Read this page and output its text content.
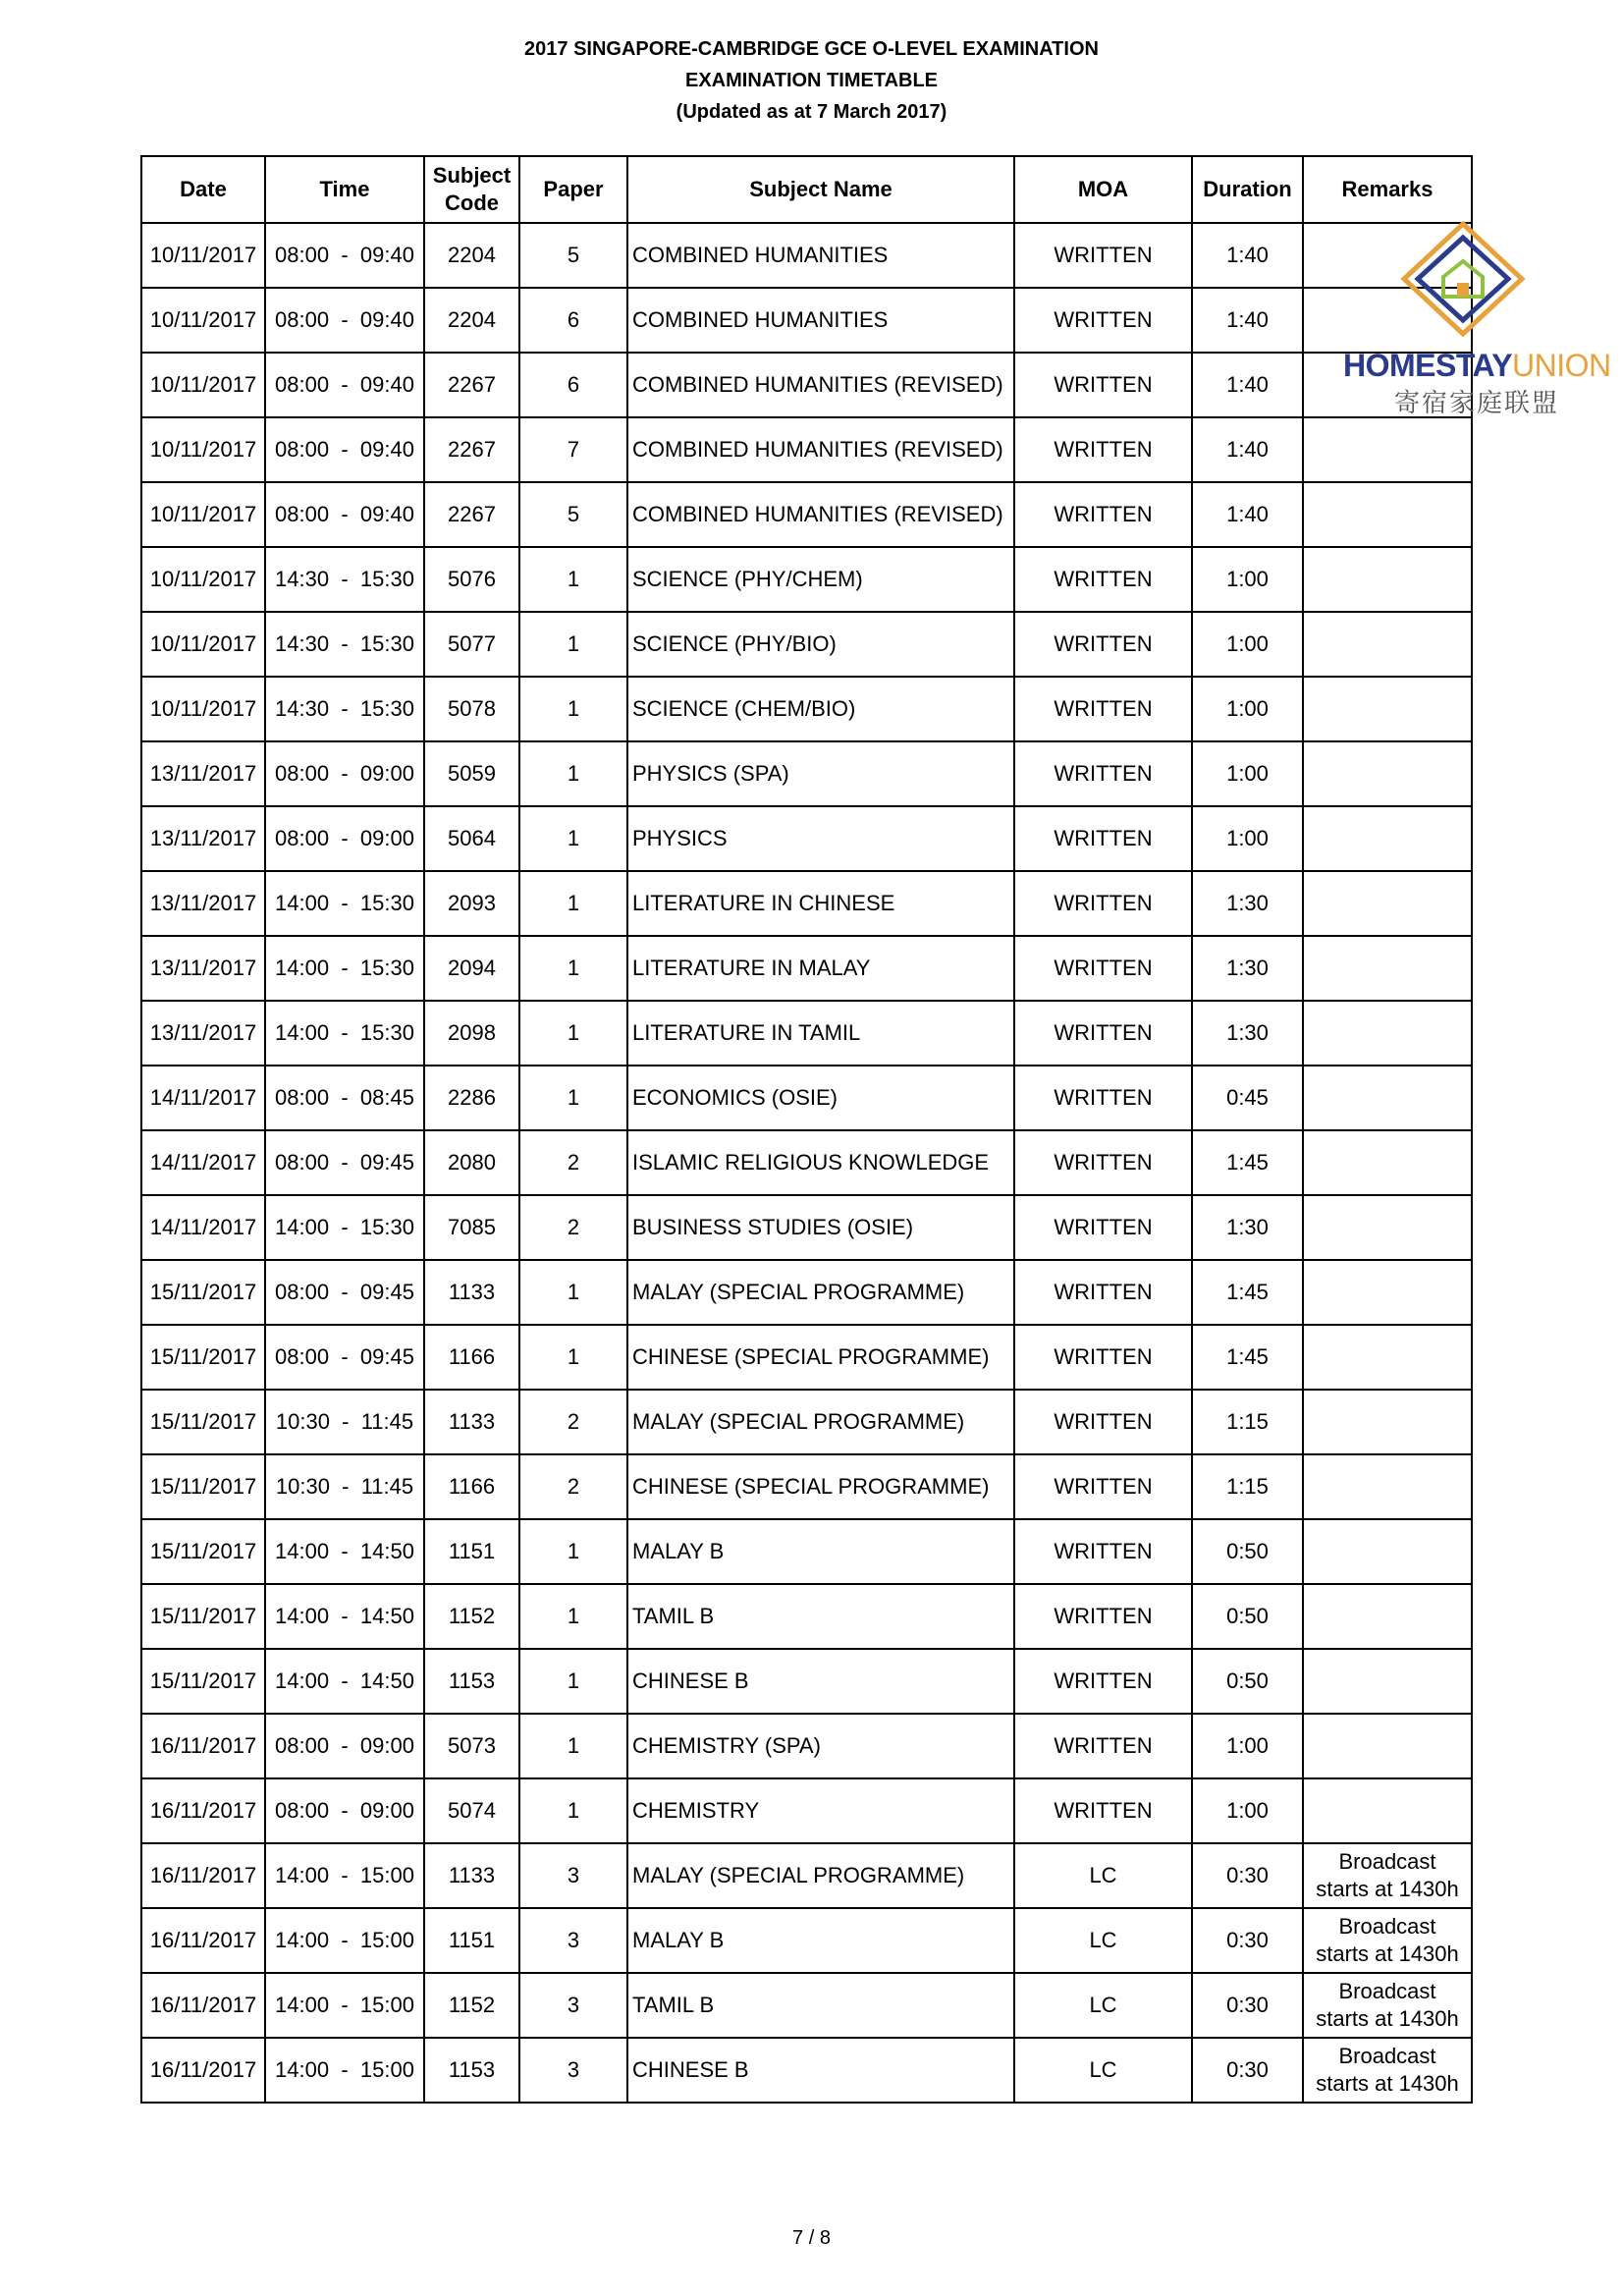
2017 SINGAPORE-CAMBRIDGE GCE O-LEVEL EXAMINATION
EXAMINATION TIMETABLE
(Updated as at 7 March 2017)
Date	Time	Subject Code	Paper	Subject Name	MOA	Duration	Remarks
10/11/2017	08:00  -  09:40	2204	5	COMBINED HUMANITIES	WRITTEN	1:40	
10/11/2017	08:00  -  09:40	2204	6	COMBINED HUMANITIES	WRITTEN	1:40	
10/11/2017	08:00  -  09:40	2267	6	COMBINED HUMANITIES (REVISED)	WRITTEN	1:40	
10/11/2017	08:00  -  09:40	2267	7	COMBINED HUMANITIES (REVISED)	WRITTEN	1:40	
10/11/2017	08:00  -  09:40	2267	5	COMBINED HUMANITIES (REVISED)	WRITTEN	1:40	
10/11/2017	14:30  -  15:30	5076	1	SCIENCE (PHY/CHEM)	WRITTEN	1:00	
10/11/2017	14:30  -  15:30	5077	1	SCIENCE (PHY/BIO)	WRITTEN	1:00	
10/11/2017	14:30  -  15:30	5078	1	SCIENCE (CHEM/BIO)	WRITTEN	1:00	
13/11/2017	08:00  -  09:00	5059	1	PHYSICS (SPA)	WRITTEN	1:00	
13/11/2017	08:00  -  09:00	5064	1	PHYSICS	WRITTEN	1:00	
13/11/2017	14:00  -  15:30	2093	1	LITERATURE IN CHINESE	WRITTEN	1:30	
13/11/2017	14:00  -  15:30	2094	1	LITERATURE IN MALAY	WRITTEN	1:30	
13/11/2017	14:00  -  15:30	2098	1	LITERATURE IN TAMIL	WRITTEN	1:30	
14/11/2017	08:00  -  08:45	2286	1	ECONOMICS (OSIE)	WRITTEN	0:45	
14/11/2017	08:00  -  09:45	2080	2	ISLAMIC RELIGIOUS KNOWLEDGE	WRITTEN	1:45	
14/11/2017	14:00  -  15:30	7085	2	BUSINESS STUDIES (OSIE)	WRITTEN	1:30	
15/11/2017	08:00  -  09:45	1133	1	MALAY (SPECIAL PROGRAMME)	WRITTEN	1:45	
15/11/2017	08:00  -  09:45	1166	1	CHINESE (SPECIAL PROGRAMME)	WRITTEN	1:45	
15/11/2017	10:30  -  11:45	1133	2	MALAY (SPECIAL PROGRAMME)	WRITTEN	1:15	
15/11/2017	10:30  -  11:45	1166	2	CHINESE (SPECIAL PROGRAMME)	WRITTEN	1:15	
15/11/2017	14:00  -  14:50	1151	1	MALAY B	WRITTEN	0:50	
15/11/2017	14:00  -  14:50	1152	1	TAMIL B	WRITTEN	0:50	
15/11/2017	14:00  -  14:50	1153	1	CHINESE B	WRITTEN	0:50	
16/11/2017	08:00  -  09:00	5073	1	CHEMISTRY (SPA)	WRITTEN	1:00	
16/11/2017	08:00  -  09:00	5074	1	CHEMISTRY	WRITTEN	1:00	
16/11/2017	14:00  -  15:00	1133	3	MALAY (SPECIAL PROGRAMME)	LC	0:30	Broadcast starts at 1430h
16/11/2017	14:00  -  15:00	1151	3	MALAY B	LC	0:30	Broadcast starts at 1430h
16/11/2017	14:00  -  15:00	1152	3	TAMIL B	LC	0:30	Broadcast starts at 1430h
16/11/2017	14:00  -  15:00	1153	3	CHINESE B	LC	0:30	Broadcast starts at 1430h
HOMESTAYUNION
寄宿家庭联盟
7 / 8
